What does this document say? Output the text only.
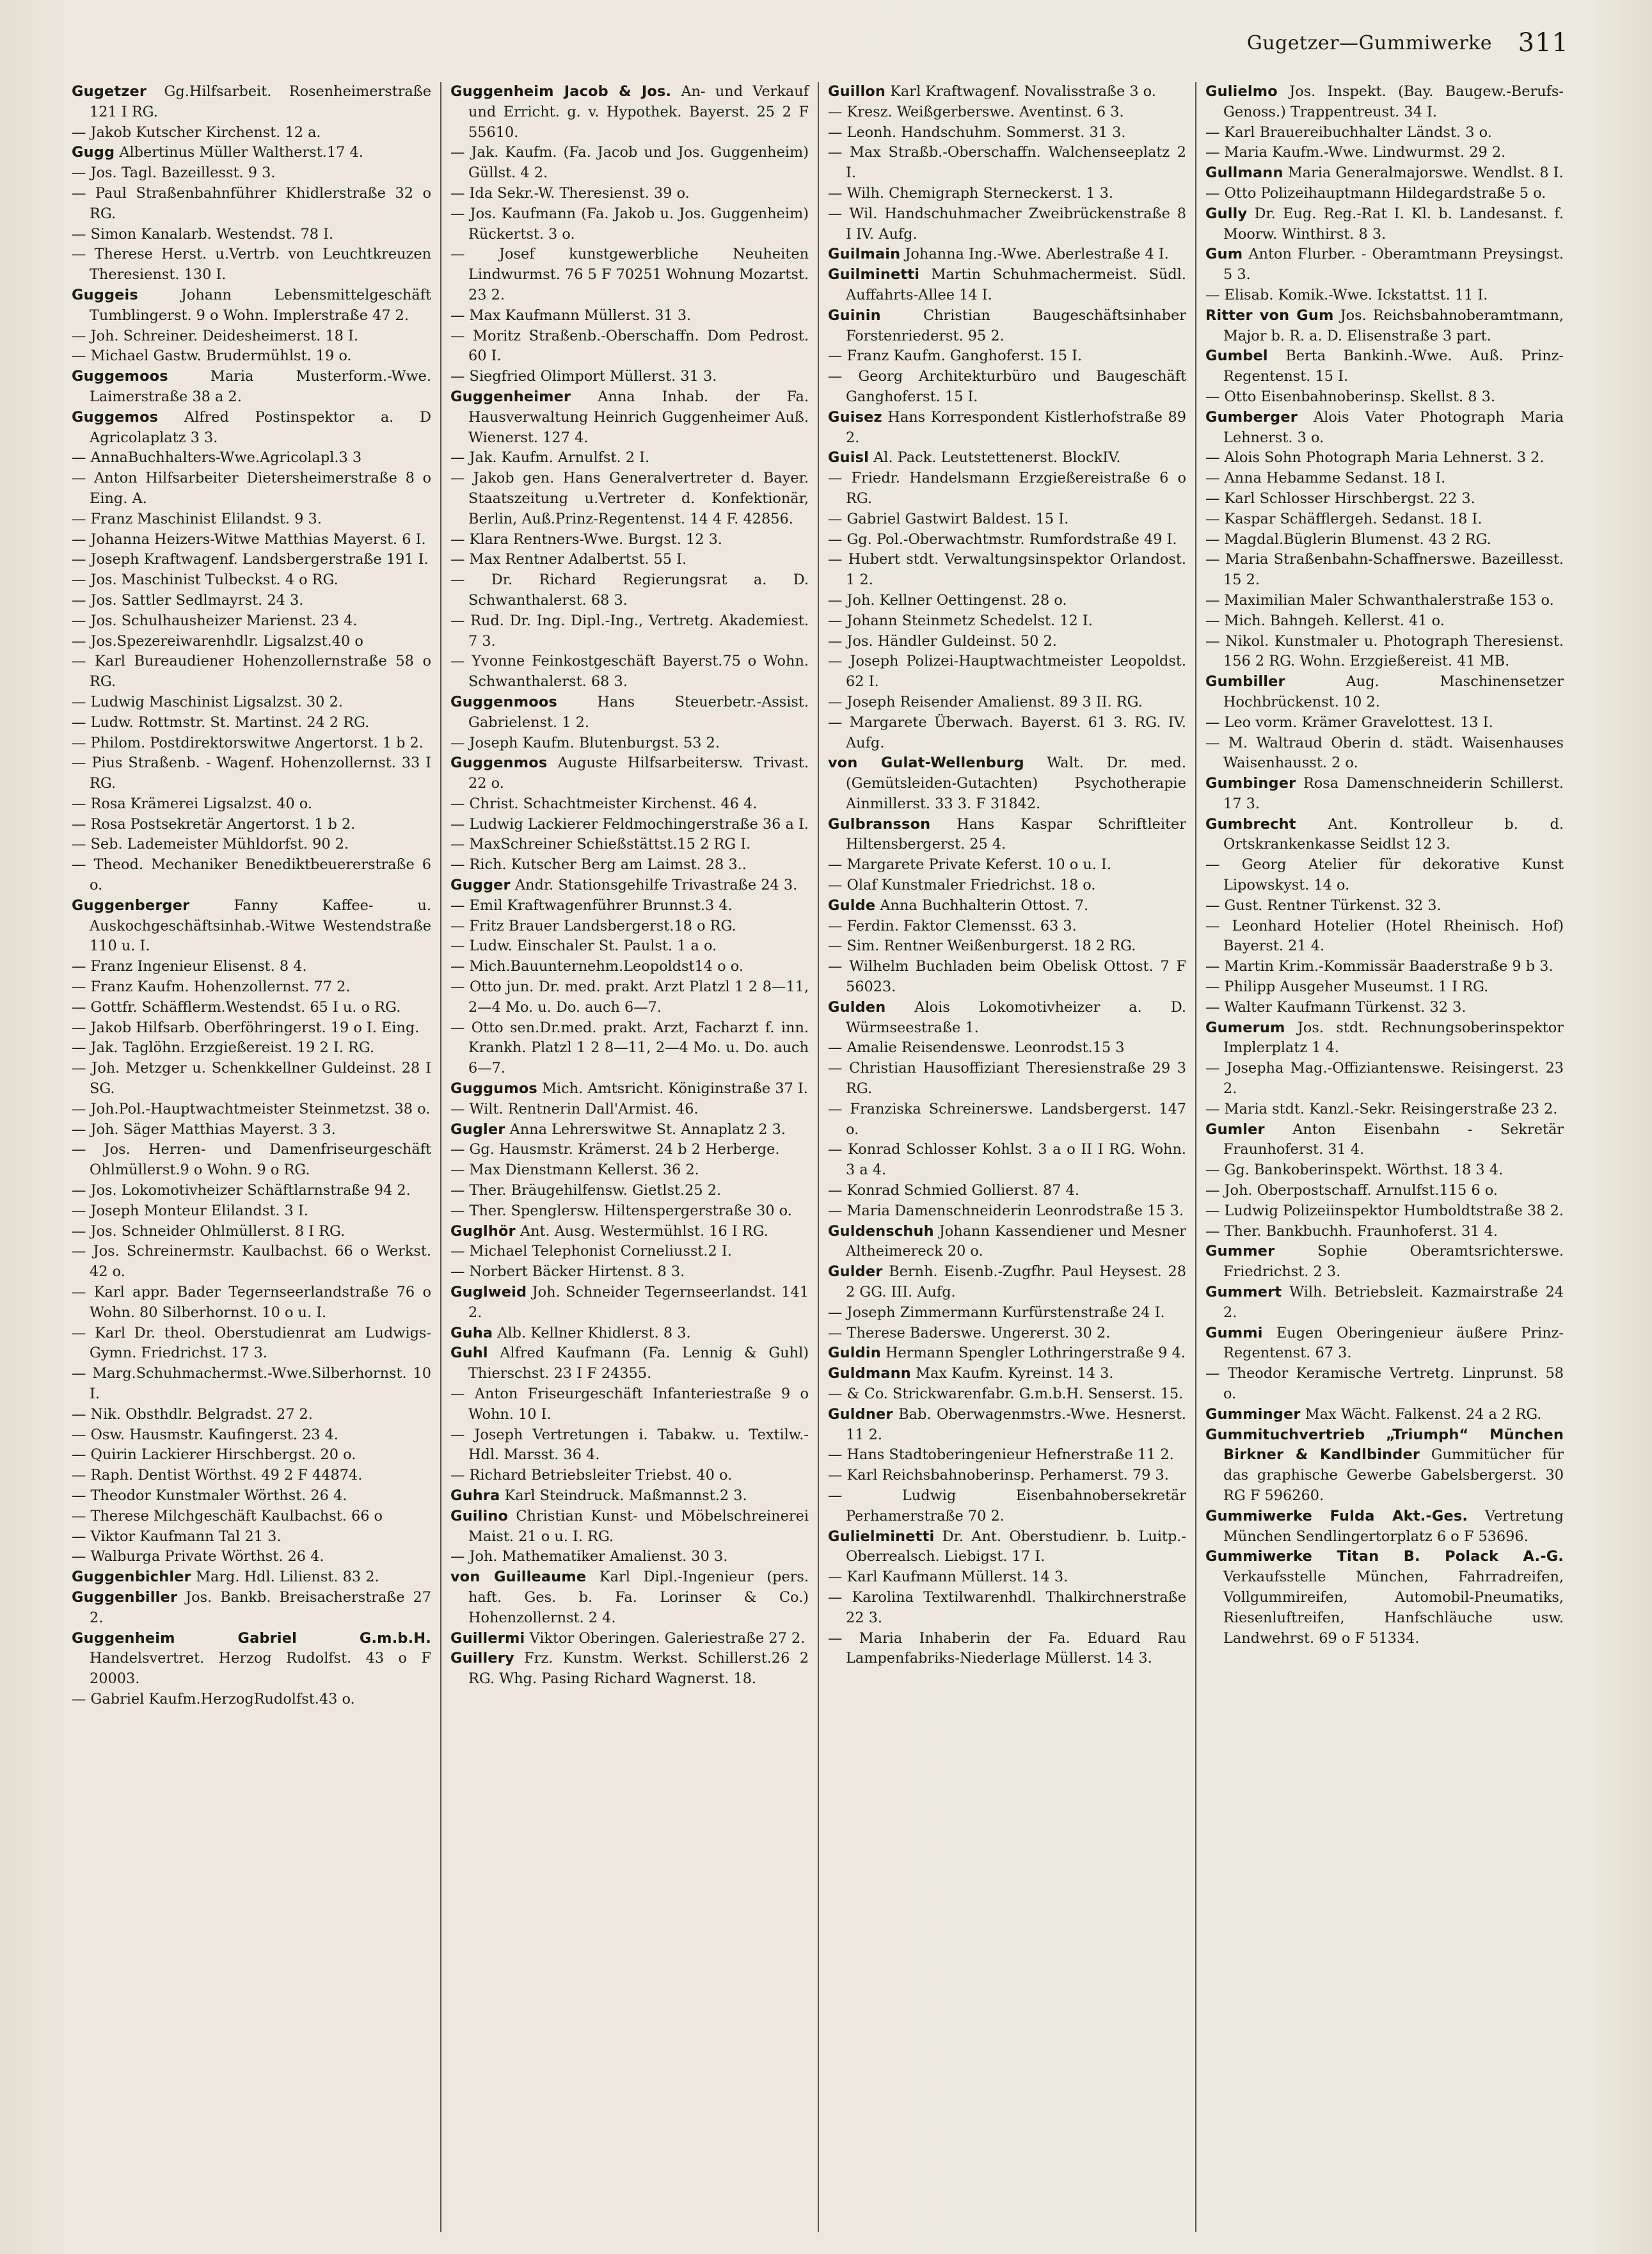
Gugetzer—Gummiwerke 311
Gugetzer Gg.Hilfsarbeit. Rosenheimerstraße 121 I RG.
— Jakob Kutscher Kirchenst. 12 a.
Gugg Albertinus Müller Waltherst.17 4.
— Jos. Tagl. Bazeillesst. 9 3.
— Paul Straßenbahnführer Khidlerstraße 32 o RG.
— Simon Kanalarb. Westendst. 78 I.
— Therese Herst. u.Vertrb. von Leuchtkreuzen Theresienst. 130 I.
Guggeis	Johann Lebensmittelgeschäft Tumblingerst. 9 o Wohn. Implerstraße 47 2.
— Joh. Schreiner. Deidesheimerst. 18 I.
— Michael Gastw. Brudermühlst. 19 o.
Guggemoos	Maria Musterform.-Wwe. Laimerstraße 38 a 2.
Guggemos Alfred Postinspektor a. D Agricolaplatz 3 3.
— AnnaBuchhalters-Wwe.Agricolapl.3 3
— Anton Hilfsarbeiter Dietersheimerstraße 8 o Eing. A.
— Franz Maschinist Elilandst. 9 3.
— Johanna Heizers-Witwe Matthias Mayerst. 6 I.
— Joseph Kraftwagenf. Landsbergerstraße 191 I.
— Jos. Maschinist Tulbeckst. 4 o RG.
— Jos. Sattler Sedlmayrst. 24 3.
— Jos. Schulhausheizer Marienst. 23 4.
— Jos.Spezereiwarenhdlr. Ligsalzst.40 o
— Karl Bureaudiener Hohenzollernstraße 58 o RG.
— Ludwig Maschinist Ligsalzst. 30 2.
— Ludw. Rottmstr. St. Martinst. 24 2 RG.
— Philom. Postdirektorswitwe Angertorst. 1 b 2.
— Pius Straßenb. - Wagenf. Hohenzollernst. 33 I RG.
— Rosa Krämerei Ligsalzst. 40 o.
— Rosa Postsekretär Angertorst. 1 b 2.
— Seb. Lademeister Mühldorfst. 90 2.
— Theod. Mechaniker Benediktbeuererstraße 6 o.
Guggenberger	Fanny Kaffee- u. Auskochgeschäftsinhab.-Witwe Westendstraße 110 u. I.
— Franz Ingenieur Elisenst. 8 4.
— Franz Kaufm. Hohenzollernst. 77 2.
— Gottfr. Schäfflerm.Westendst. 65 I u. o RG.
— Jakob Hilfsarb. Oberföhringerst. 19 o I. Eing.
— Jak. Taglöhn. Erzgießereist. 19 2 I. RG.
— Joh. Metzger u. Schenkkellner Guldeinst. 28 I SG.
— Joh.Pol.-Hauptwachtmeister Steinmetzst. 38 o.
— Joh. Säger Matthias Mayerst. 3 3.
— Jos. Herren- und Damenfriseurgeschäft Ohlmüllerst.9 o Wohn. 9 o RG.
— Jos. Lokomotivheizer Schäftlarnstraße 94 2.
— Joseph Monteur Elilandst. 3 I.
— Jos. Schneider Ohlmüllerst. 8 I RG.
— Jos. Schreinermstr. Kaulbachst. 66 o Werkst. 42 o.
— Karl appr. Bader Tegernseerlandstraße 76 o Wohn. 80 Silberhornst. 10 o u. I.
— Karl Dr. theol. Oberstudienrat am Ludwigs-Gymn. Friedrichst. 17 3.
— Marg.Schuhmachermst.-Wwe.Silberhornst. 10 I.
— Nik. Obsthdlr. Belgradst. 27 2.
— Osw. Hausmstr. Kaufingerst. 23 4.
— Quirin Lackierer Hirschbergst. 20 o.
— Raph. Dentist Wörthst. 49 2 F 44874.
— Theodor Kunstmaler Wörthst. 26 4.
— Therese Milchgeschäft Kaulbachst. 66 o
— Viktor Kaufmann Tal 21 3.
— Walburga Private Wörthst. 26 4.
Guggenbichler Marg. Hdl. Lilienst. 83 2.
Guggenbiller Jos. Bankb. Breisacherstraße 27 2.
Guggenheim Gabriel G.m.b.H. Handelsvertret. Herzog Rudolfst. 43 o F 20003.
— Gabriel Kaufm.HerzogRudolfst.43 o.
Guggenheim Jacob & Jos. An- und Verkauf und Erricht. g. v. Hypothek. Bayerst. 25 2 F 55610.
— Jak. Kaufm. (Fa. Jacob und Jos. Guggenheim) Güllst. 4 2.
— Ida Sekr.-W. Theresienst. 39 o.
— Jos. Kaufmann (Fa. Jakob u. Jos. Guggenheim) Rückertst. 3 o.
— Josef kunstgewerbliche Neuheiten Lindwurmst. 76 5 F 70251 Wohnung Mozartst. 23 2.
— Max Kaufmann Müllerst. 31 3.
— Moritz Straßenb.-Oberschaffn. Dom Pedrost. 60 I.
— Siegfried Olimport Müllerst. 31 3.
Guggenheimer Anna Inhab. der Fa. Hausverwaltung Heinrich Guggenheimer Auß. Wienerst. 127 4.
— Jak. Kaufm. Arnulfst. 2 I.
— Jakob gen. Hans Generalvertreter d. Bayer. Staatszeitung u.Vertreter d. Konfektionär, Berlin, Auß.Prinz-Regentenst. 14 4 F. 42856.
— Klara Rentners-Wwe. Burgst. 12 3.
— Max Rentner Adalbertst. 55 I.
— Dr. Richard Regierungsrat a. D. Schwanthalerst. 68 3.
— Rud. Dr. Ing. Dipl.-Ing., Vertretg. Akademiest. 7 3.
— Yvonne Feinkostgeschäft Bayerst.75 o Wohn. Schwanthalerst. 68 3.
Guggenmoos	Hans Steuerbetr.-Assist. Gabrielenst. 1 2.
— Joseph Kaufm. Blutenburgst. 53 2.
Guggenmos Auguste Hilfsarbeitersw. Trivast. 22 o.
— Christ. Schachtmeister Kirchenst. 46 4.
— Ludwig Lackierer Feldmochingerstraße 36 a I.
— MaxSchreiner Schießstättst.15 2 RG I.
— Rich. Kutscher Berg am Laimst. 28 3..
Gugger Andr. Stationsgehilfe Trivastraße 24 3.
— Emil Kraftwagenführer Brunnst.3 4.
— Fritz Brauer Landsbergerst.18 o RG.
— Ludw. Einschaler St. Paulst. 1 a o.
— Mich.Bauunternehm.Leopoldst14 o o.
— Otto jun. Dr. med. prakt. Arzt Platzl 1 2 8—11, 2—4 Mo. u. Do. auch 6—7.
— Otto sen.Dr.med. prakt. Arzt, Facharzt f. inn. Krankh. Platzl 1 2 8—11, 2—4 Mo. u. Do. auch 6—7.
Guggumos Mich. Amtsricht. Königinstraße 37 I.
— Wilt. Rentnerin Dall'Armist. 46.
Gugler Anna Lehrerswitwe St. Annaplatz 2 3.
— Gg. Hausmstr. Krämerst. 24 b 2 Herberge.
— Max Dienstmann Kellerst. 36 2.
— Ther. Bräugehilfensw. Gietlst.25 2.
— Ther. Spenglersw. Hiltenspergerstraße 30 o.
Guglhör Ant. Ausg. Westermühlst. 16 I RG.
— Michael Telephonist Corneliusst.2 I.
— Norbert Bäcker Hirtenst. 8 3.
Guglweid Joh. Schneider Tegernseerlandst. 141 2.
Guha Alb. Kellner Khidlerst. 8 3.
Guhl Alfred Kaufmann (Fa. Lennig & Guhl) Thierschst. 23 I F 24355.
— Anton Friseurgeschäft Infanteriestraße 9 o Wohn. 10 I.
— Joseph Vertretungen i. Tabakw. u. Textilw.-Hdl. Marsst. 36 4.
— Richard Betriebsleiter Triebst. 40 o.
Guhra Karl Steindruck. Maßmannst.2 3.
Guilino Christian Kunst- und Möbelschreinerei Maist. 21 o u. I. RG.
— Joh. Mathematiker Amalienst. 30 3.
von Guilleaume Karl Dipl.-Ingenieur (pers. haft. Ges. b. Fa. Lorinser & Co.) Hohenzollernst. 2 4.
Guillermi Viktor Oberingen. Galeriestraße 27 2.
Guillery Frz. Kunstm. Werkst. Schillerst.26 2 RG. Whg. Pasing Richard Wagnerst. 18.
Guillon Karl Kraftwagenf. Novalisstraße 3 o.
— Kresz. Weißgerberswe. Aventinst. 6 3.
— Leonh. Handschuhm. Sommerst. 31 3.
— Max Straßb.-Oberschaffn. Walchenseeplatz 2 I.
— Wilh. Chemigraph Sterneckerst. 1 3.
— Wil. Handschuhmacher Zweibrückenstraße 8 I IV. Aufg.
Guilmain Johanna Ing.-Wwe. Aberlestraße 4 I.
Guilminetti Martin Schuhmachermeist. Südl. Auffahrts-Allee 14 I.
Guinin	Christian Baugeschäftsinhaber Forstenriederst. 95 2.
— Franz Kaufm. Ganghoferst. 15 I.
— Georg Architekturbüro und Baugeschäft Ganghoferst. 15 I.
Guisez Hans Korrespondent Kistlerhofstraße 89 2.
Guisl Al. Pack. Leutstettenerst. BlockIV.
— Friedr. Handelsmann Erzgießereistraße 6 o RG.
— Gabriel Gastwirt Baldest. 15 I.
— Gg. Pol.-Oberwachtmstr. Rumfordstraße 49 I.
— Hubert stdt. Verwaltungsinspektor Orlandost. 1 2.
— Joh. Kellner Oettingenst. 28 o.
— Johann Steinmetz Schedelst. 12 I.
— Jos. Händler Guldeinst. 50 2.
— Joseph Polizei-Hauptwachtmeister Leopoldst. 62 I.
— Joseph Reisender Amalienst. 89 3 II. RG.
— Margarete Überwach. Bayerst. 61 3. RG. IV. Aufg.
von Gulat-Wellenburg Walt. Dr. med. (Gemütsleiden-Gutachten) Psychotherapie Ainmillerst. 33 3. F 31842.
Gulbransson Hans Kaspar Schriftleiter Hiltensbergerst. 25 4.
— Margarete Private Keferst. 10 o u. I.
— Olaf Kunstmaler Friedrichst. 18 o.
Gulde Anna Buchhalterin Ottost. 7.
— Ferdin. Faktor Clemensst. 63 3.
— Sim. Rentner Weißenburgerst. 18 2 RG.
— Wilhelm Buchladen beim Obelisk Ottost. 7 F 56023.
Gulden Alois Lokomotivheizer a. D. Würmseestraße 1.
— Amalie Reisendenswe. Leonrodst.15 3
— Christian Hausoffiziant Theresienstraße 29 3 RG.
— Franziska Schreinerswe. Landsbergerst. 147 o.
— Konrad Schlosser Kohlst. 3 a o II I RG. Wohn. 3 a 4.
— Konrad Schmied Gollierst. 87 4.
— Maria Damenschneiderin Leonrodstraße 15 3.
Guldenschuh Johann Kassendiener und Mesner Altheimereck 20 o.
Gulder Bernh. Eisenb.-Zugfhr. Paul Heysest. 28 2 GG. III. Aufg.
— Joseph Zimmermann Kurfürstenstraße 24 I.
— Therese Baderswe. Ungererst. 30 2.
Guldin Hermann Spengler Lothringerstraße 9 4.
Guldmann Max Kaufm. Kyreinst. 14 3.
— & Co. Strickwarenfabr. G.m.b.H. Senserst. 15.
Guldner Bab. Oberwagenmstrs.-Wwe. Hesnerst. 11 2.
— Hans Stadtoberingenieur Hefnerstraße 11 2.
— Karl Reichsbahnoberinsp. Perhamerst. 79 3.
— Ludwig Eisenbahnobersekretär Perhamerstraße 70 2.
Gulielminetti Dr. Ant. Oberstudienr. b. Luitp.-Oberrealsch. Liebigst. 17 I.
— Karl Kaufmann Müllerst. 14 3.
— Karolina Textilwarenhdl. Thalkirchnerstraße 22 3.
— Maria Inhaberin der Fa. Eduard Rau Lampenfabriks-Niederlage Müllerst. 14 3.
Gulielmo Jos. Inspekt. (Bay. Baugew.-Berufs-Genoss.) Trappentreust. 34 I.
— Karl Brauereibuchhalter Ländst. 3 o.
— Maria Kaufm.-Wwe. Lindwurmst. 29 2.
Gullmann Maria Generalmajorswe. Wendlst. 8 I.
— Otto Polizeihauptmann Hildegardstraße 5 o.
Gully Dr. Eug. Reg.-Rat I. Kl. b. Landesanst. f. Moorw. Winthirst. 8 3.
Gum Anton Flurber. - Oberamtmann Preysingst. 5 3.
— Elisab. Komik.-Wwe. Ickstattst. 11 I.
Ritter von Gum Jos. Reichsbahnoberamtmann, Major b. R. a. D. Elisenstraße 3 part.
Gumbel Berta Bankinh.-Wwe. Auß. Prinz-Regentenst. 15 I.
— Otto Eisenbahnoberinsp. Skellst. 8 3.
Gumberger Alois Vater Photograph Maria Lehnerst. 3 o.
— Alois Sohn Photograph Maria Lehnerst. 3 2.
— Anna Hebamme Sedanst. 18 I.
— Karl Schlosser Hirschbergst. 22 3.
— Kaspar Schäfflergeh. Sedanst. 18 I.
— Magdal.Büglerin Blumenst. 43 2 RG.
— Maria Straßenbahn-Schaffnerswe. Bazeillesst. 15 2.
— Maximilian Maler Schwanthalerstraße 153 o.
— Mich. Bahngeh. Kellerst. 41 o.
— Nikol. Kunstmaler u. Photograph Theresienst. 156 2 RG. Wohn. Erzgießereist. 41 MB.
Gumbiller	Aug. Maschinensetzer Hochbrückenst. 10 2.
— Leo vorm. Krämer Gravelottest. 13 I.
— M. Waltraud Oberin d. städt. Waisenhauses Waisenhausst. 2 o.
Gumbinger Rosa Damenschneiderin Schillerst. 17 3.
Gumbrecht Ant. Kontrolleur b. d. Ortskrankenkasse Seidlst 12 3.
— Georg Atelier für dekorative Kunst Lipowskyst. 14 o.
— Gust. Rentner Türkenst. 32 3.
— Leonhard Hotelier (Hotel Rheinisch. Hof) Bayerst. 21 4.
— Martin Krim.-Kommissär Baaderstraße 9 b 3.
— Philipp Ausgeher Museumst. 1 I RG.
— Walter Kaufmann Türkenst. 32 3.
Gumerum Jos. stdt. Rechnungsoberinspektor Implerplatz 1 4.
— Josepha Mag.-Offiziantenswe. Reisingerst. 23 2.
— Maria stdt. Kanzl.-Sekr. Reisingerstraße 23 2.
Gumler Anton Eisenbahn - Sekretär Fraunhoferst. 31 4.
— Gg. Bankoberinspekt. Wörthst. 18 3 4.
— Joh. Oberpostschaff. Arnulfst.115 6 o.
— Ludwig Polizeiinspektor Humboldtstraße 38 2.
— Ther. Bankbuchh. Fraunhoferst. 31 4.
Gummer	Sophie Oberamtsrichterswe. Friedrichst. 2 3.
Gummert Wilh. Betriebsleit. Kazmairstraße 24 2.
Gummi Eugen Oberingenieur äußere Prinz-Regentenst. 67 3.
— Theodor Keramische Vertretg. Linprunst. 58 o.
Gumminger Max Wächt. Falkenst. 24 a 2 RG.
Gummituchvertrieb „Triumph“ München Birkner & Kandlbinder Gummitücher für das graphische Gewerbe Gabelsbergerst. 30 RG F 596260.
Gummiwerke Fulda Akt.-Ges. Vertretung München Sendlingertorplatz 6 o F 53696.
Gummiwerke Titan B. Polack A.-G. Verkaufsstelle München, Fahrradreifen, Vollgummireifen, Automobil-Pneumatiks, Riesenluftreifen, Hanfschläuche usw. Landwehrst. 69 o F 51334.
